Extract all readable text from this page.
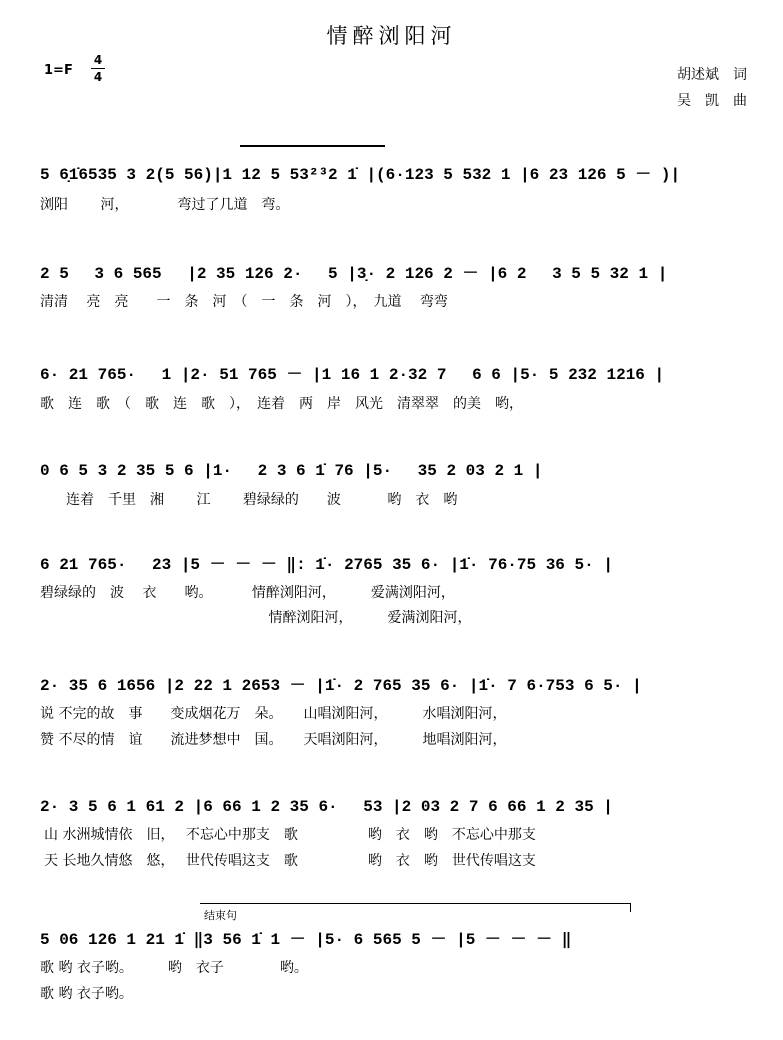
情醉浏阳河
1=F
4
4	胡述斌　词
吴　凯　曲
5 6̣1̇6535 3 2(5 56)|1 12 5 53²³2 1̇ |(6·123 5 532 1 |6 23 126 5 － )|
浏阳　　 河，　　　　弯过了几道　弯。
2 5 　3 6 565 　|2 35 126 2· 　5 |3̣· 2 126 2 － |6 2 　3 5 5 32 1 |
清清　 亮　亮　　一　条　河　（　一　条　河　），　九道　 弯弯
6· 21 765· 　1 |2· 51 765 － |1 16 1 2·32 7 　6 6 |5· 5 232 1216 |
歌　连　歌　（　歌　连　歌　），　连着　两　岸　风光　清翠翠　的美　哟，
0 6 5 3 2 35 5 6 |1· 　2 3 6 1̇ 76 |5· 　35 2 03 2 1 |
连着　千里　湘　　 江　　 碧绿绿的　　波　　　 哟　衣　哟
6 21 765· 　23 |5 － － － ‖: 1̇· 2765 35 6· |1̇· 76·75 36 5· |
碧绿绿的　波　 衣　　哟。　　　 情醉浏阳河，　　　爱满浏阳河，
　　　　　　　　　　　　　　　　 情醉浏阳河，　　　爱满浏阳河，
2· 35 6 1656 |2 22 1 2653 － |1̇· 2 765 35 6· |1̇· 7 6·753 6 5· |
说 不完的故　事　　变成烟花万　朵。　　山唱浏阳河，　　　水唱浏阳河，
赞 不尽的情　谊　　流进梦想中　国。　　天唱浏阳河，　　　地唱浏阳河，
2· 3 5 6 1 61 2 |6 66 1 2 35 6· 　53 |2 03 2 7 6 66 1 2 35 |
山 水洲城情依　旧，　 不忘心中那支　歌　　　　　哟　衣　哟　不忘心中那支
天 长地久情悠　悠，　 世代传唱这支　歌　　　　　哟　衣　哟　世代传唱这支
结束句
5 06 126 1 21 1̇ ‖3 56 1̇ 1 － |5· 6 565 5 － |5 － － － ‖
歌 哟 衣子哟。　　　哟　衣子　　　　哟。
歌 哟 衣子哟。
